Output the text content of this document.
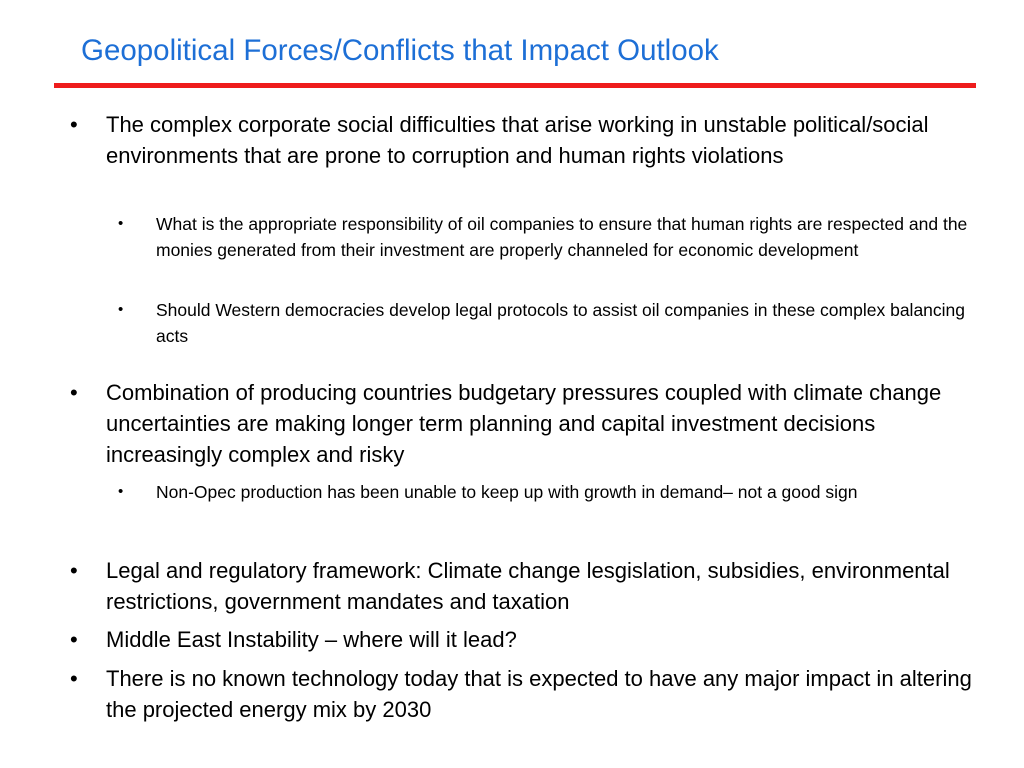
Geopolitical Forces/Conflicts that Impact Outlook
• The complex corporate social difficulties that arise working in unstable political/social environments that are prone to corruption and human rights violations
•	What is the appropriate responsibility of oil companies to ensure that human rights are respected and the monies generated from their investment are properly channeled for economic development
•	Should Western democracies develop legal protocols to assist oil companies in these complex balancing acts
• Combination of producing countries budgetary pressures coupled with climate change uncertainties are making longer term planning and capital investment decisions increasingly complex and risky
•	Non-Opec production has been unable to keep up with growth in demand– not a good sign
• Legal and regulatory framework: Climate change lesgislation, subsidies, environmental restrictions, government mandates and taxation
• Middle East Instability – where will it lead?
• There is no known technology today that is expected to have any major impact in altering the projected energy mix by 2030
